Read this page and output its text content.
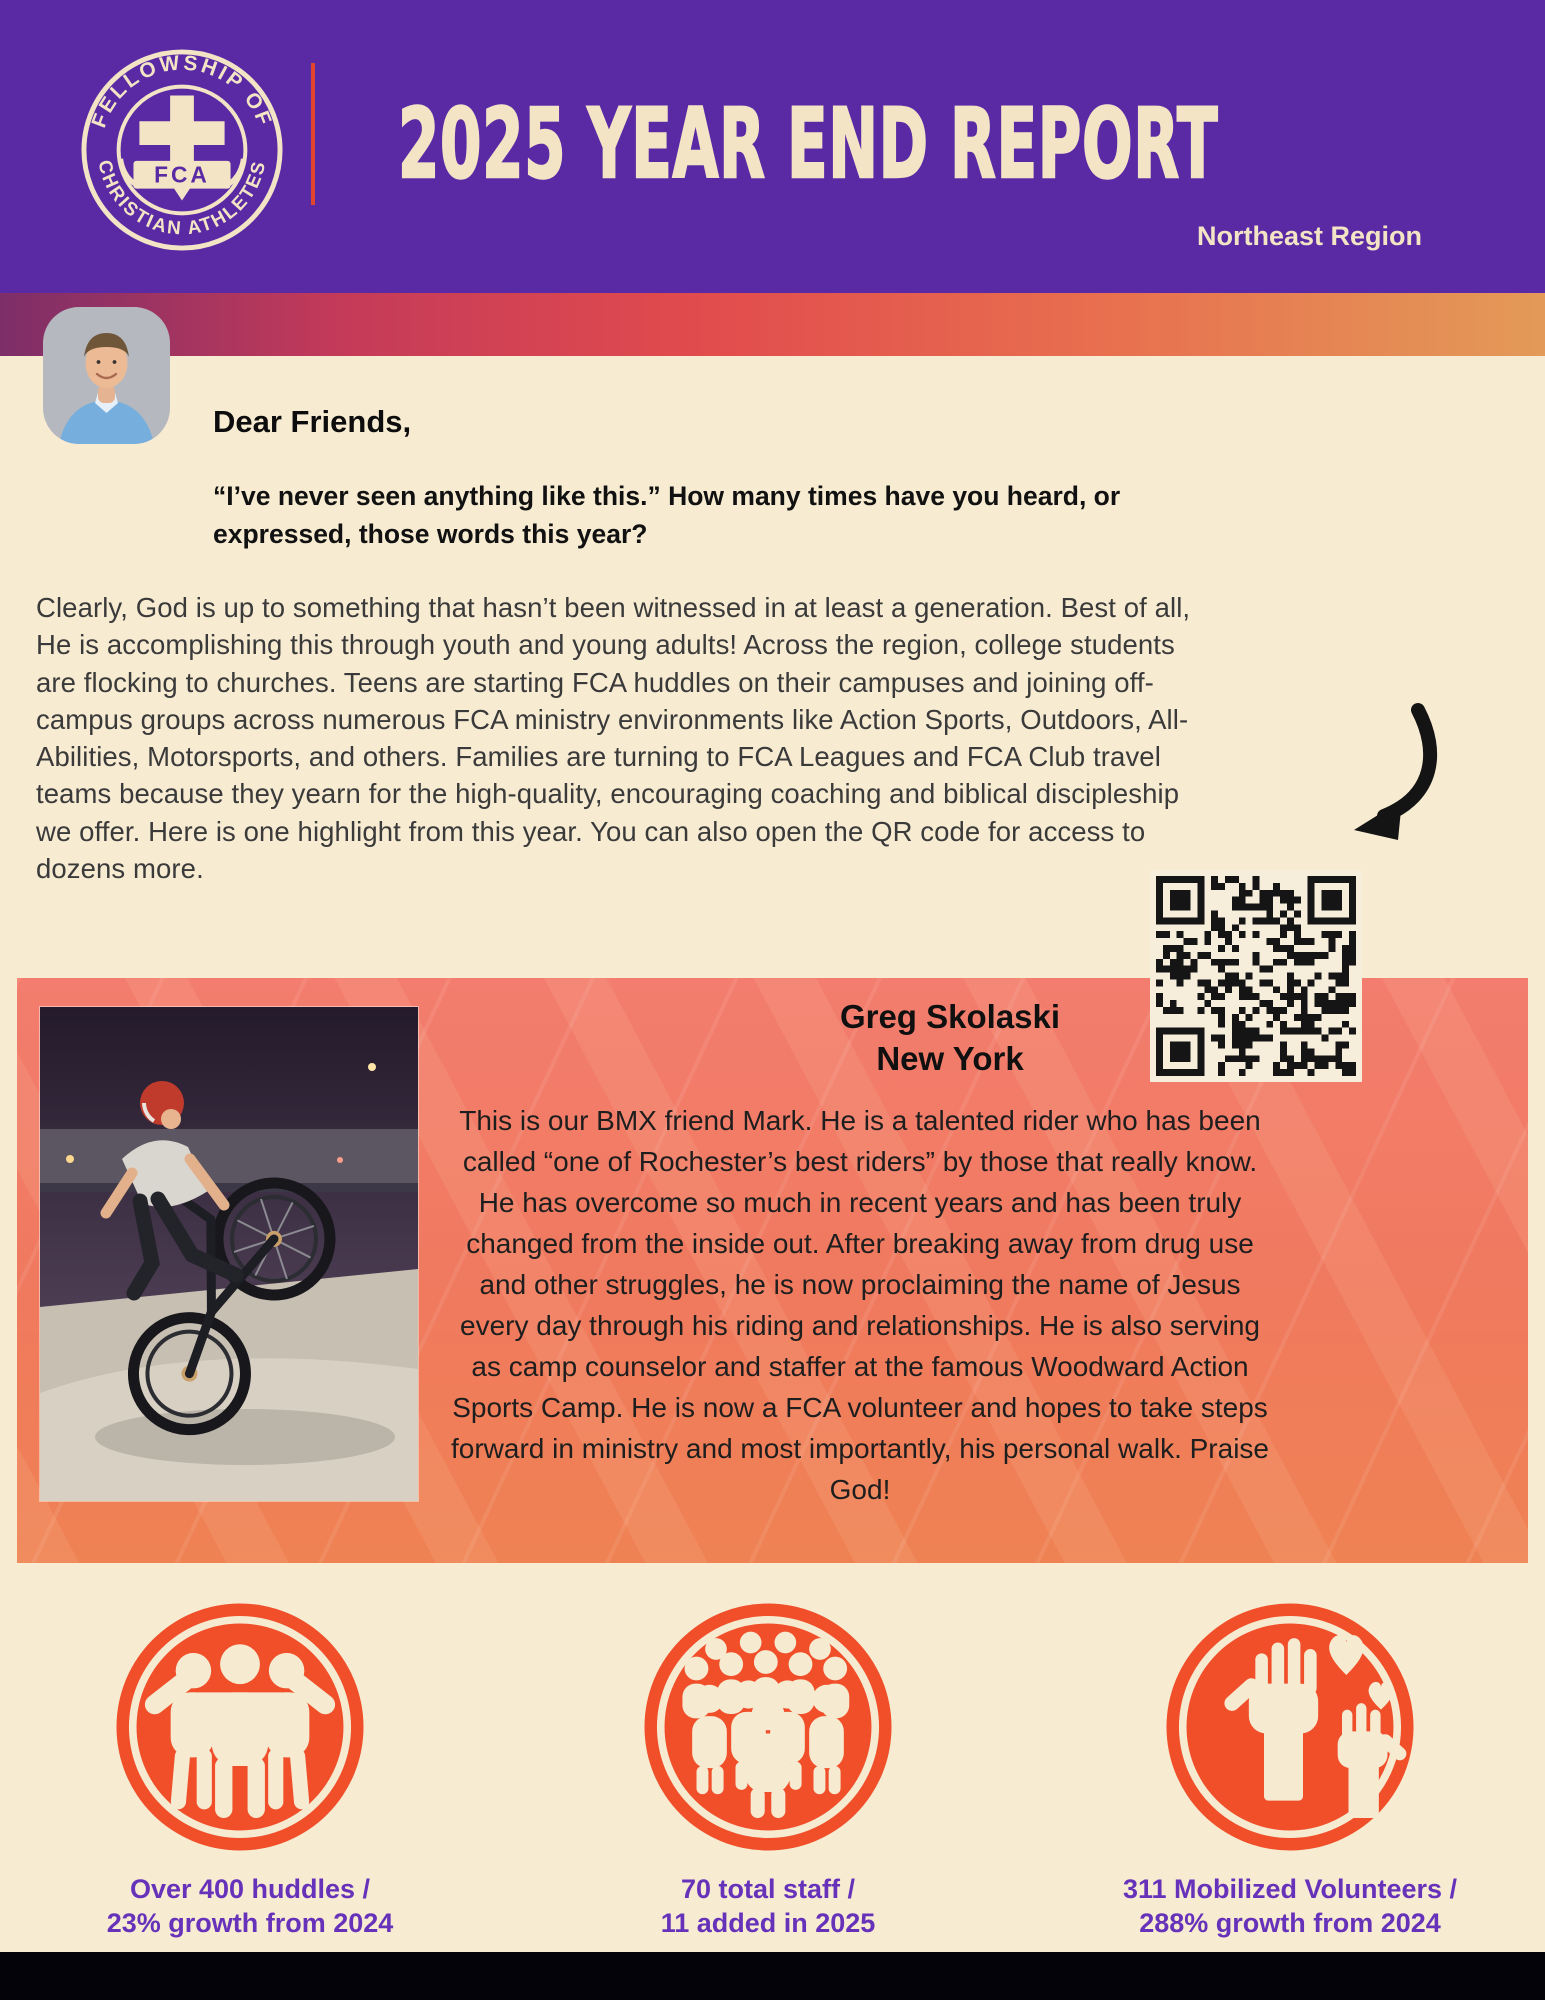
FELLOWSHIP OF
CHRISTIAN ATHLETES
FCA 2025 YEAR END REPORT
Northeast Region
Dear Friends,

“I’ve never seen anything like this.” How many times have you heard, or
expressed, those words this year?

Clearly, God is up to something that hasn’t been witnessed in at least a generation. Best of all, He is accomplishing this through youth and young adults! Across the region, college students are flocking to churches. Teens are starting FCA huddles on their campuses and joining off-campus groups across numerous FCA ministry environments like Action Sports, Outdoors, All-Abilities, Motorsports, and others. Families are turning to FCA Leagues and FCA Club travel teams because they yearn for the high-quality, encouraging coaching and biblical discipleship we offer. Here is one highlight from this year. You can also open the QR code for access to dozens more.

Greg Skolaski
New York

This is our BMX friend Mark. He is a talented rider who has been called “one of Rochester’s best riders” by those that really know. He has overcome so much in recent years and has been truly changed from the inside out. After breaking away from drug use and other struggles, he is now proclaiming the name of Jesus every day through his riding and relationships. He is also serving as camp counselor and staffer at the famous Woodward Action Sports Camp. He is now a FCA volunteer and hopes to take steps forward in ministry and most importantly, his personal walk. Praise God!

Over 400 huddles /
23% growth from 2024
70 total staff /
11 added in 2025
311 Mobilized Volunteers /
288% growth from 2024
